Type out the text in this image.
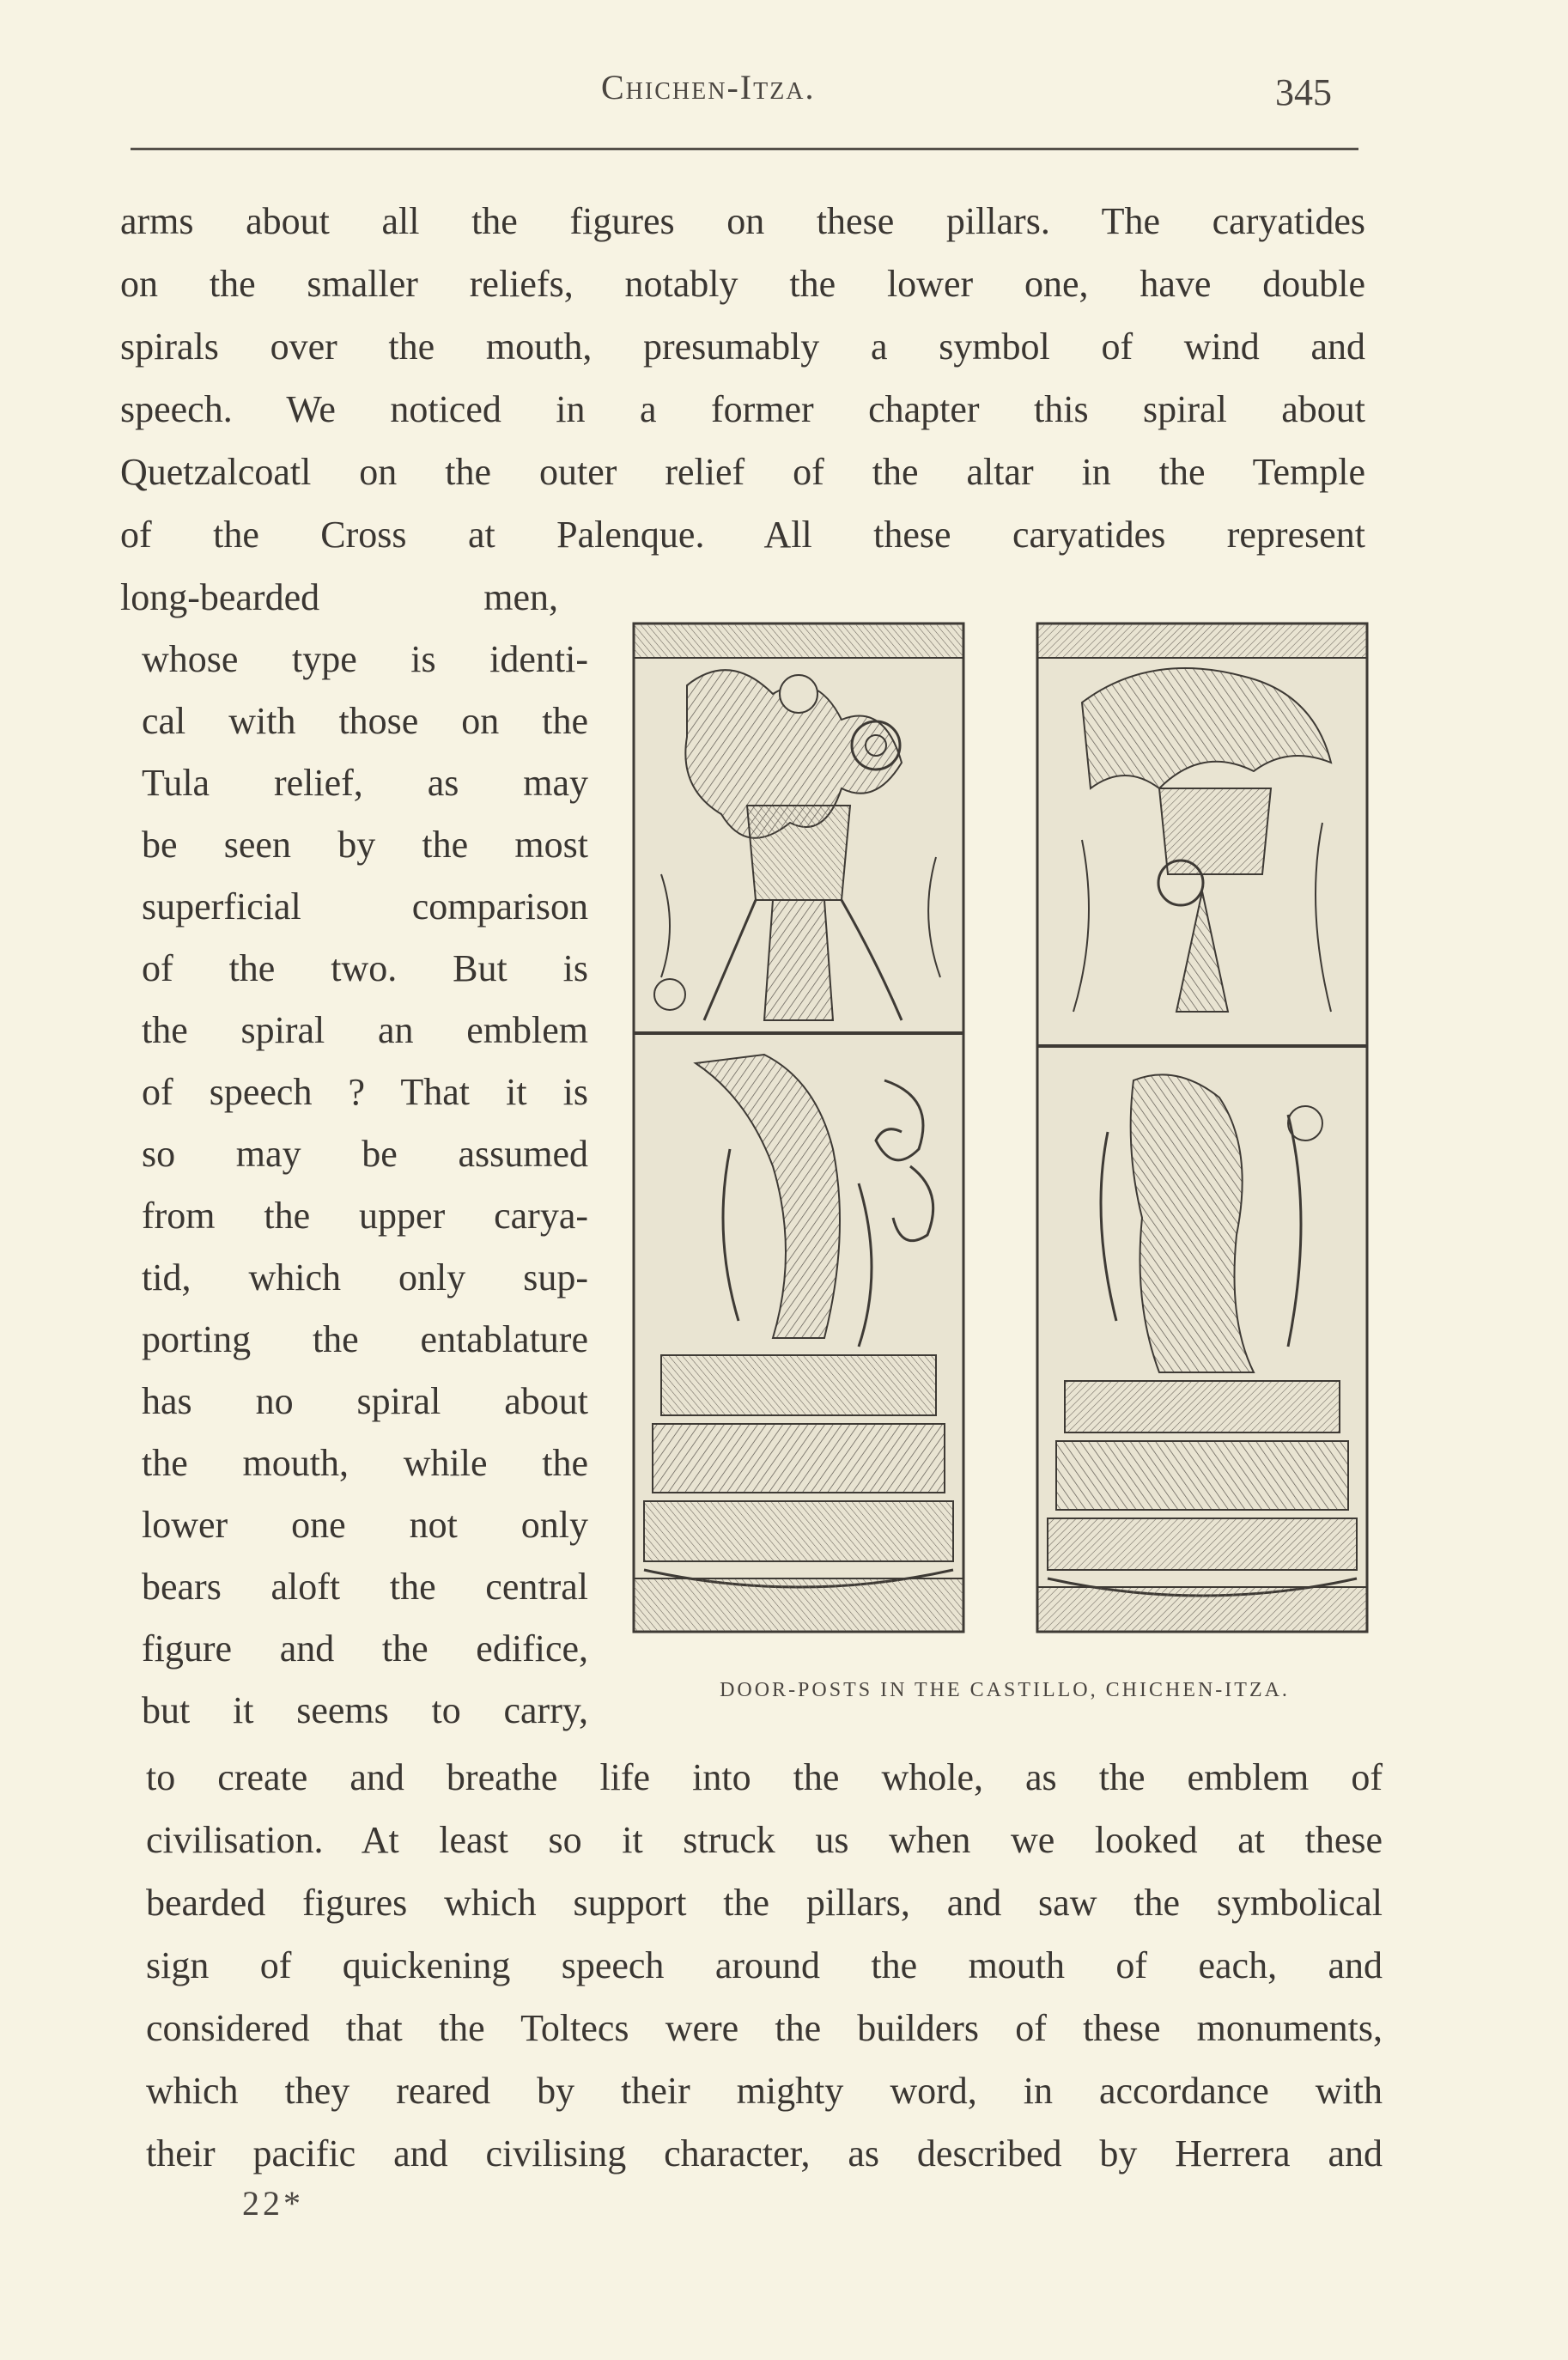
Chichen-Itza.	345
arms about all the figures on these pillars. The caryatides
on the smaller reliefs, notably the lower one, have double
spirals over the mouth, presumably a symbol of wind and
speech. We noticed in a former chapter this spiral about
Quetzalcoatl on the outer relief of the altar in the Temple
of the Cross at Palenque. All these caryatides represent
long-bearded men,
whose type is identi-
cal with those on the
Tula relief, as may
be seen by the most
superficial comparison
of the two. But is
the spiral an emblem
of speech ? That it is
so may be assumed
from the upper carya-
tid, which only sup-
porting the entablature
has no spiral about
the mouth, while the
lower one not only
bears aloft the central
figure and the edifice,
but it seems to carry,	DOOR-POSTS IN THE CASTILLO, CHICHEN-ITZA.
to create and breathe life into the whole, as the emblem of
civilisation. At least so it struck us when we looked at these
bearded figures which support the pillars, and saw the symbolical
sign of quickening speech around the mouth of each, and
considered that the Toltecs were the builders of these monuments,
which they reared by their mighty word, in accordance with
their pacific and civilising character, as described by Herrera and
22*
